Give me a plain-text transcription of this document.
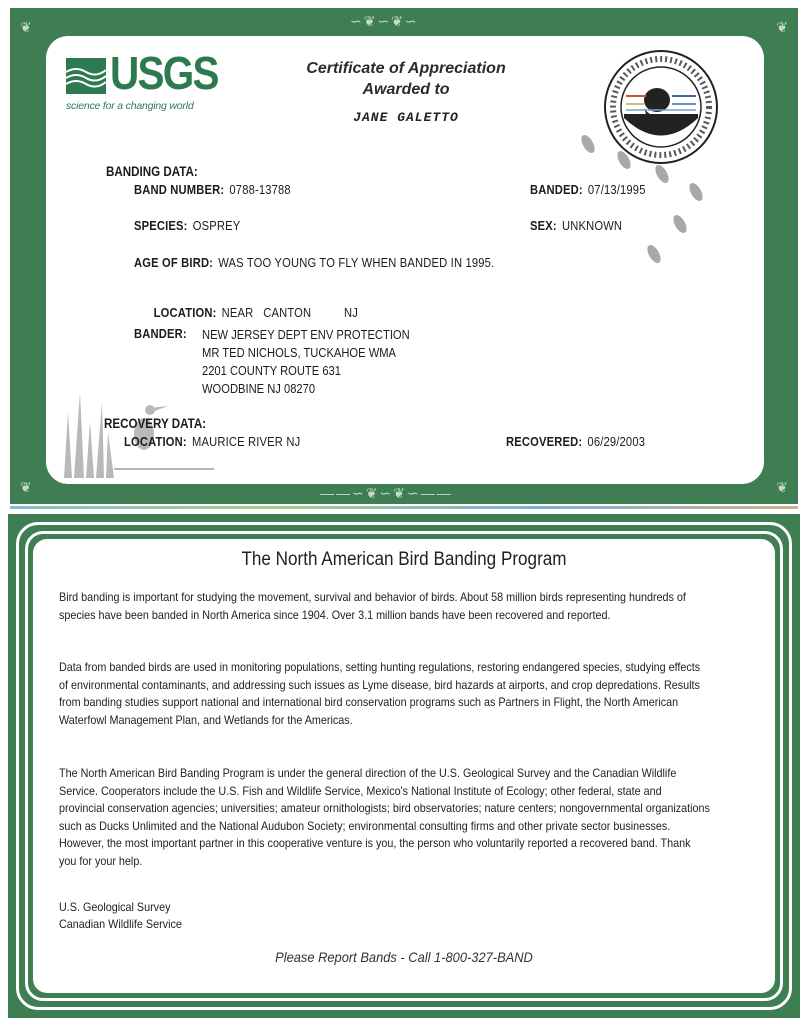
❦	❦
❦	❦
∽❦∽❦∽
——∽❦∽❦∽——
USGS
science for a changing world
Certificate of Appreciation
Awarded to
JANE GALETTO
BANDING DATA:
BAND NUMBER: 0788-13788	BANDED: 07/13/1995
SPECIES: OSPREY	SEX: UNKNOWN
AGE OF BIRD: WAS TOO YOUNG TO FLY WHEN BANDED IN 1995.

LOCATION: NEAR   CANTON          NJ

BANDER: NEW JERSEY DEPT ENV PROTECTION
MR TED NICHOLS, TUCKAHOE WMA
2201 COUNTY ROUTE 631
WOODBINE NJ 08270
RECOVERY DATA:
LOCATION: MAURICE RIVER NJ	RECOVERED: 06/29/2003
The North American Bird Banding Program
Bird banding is important for studying the movement, survival and behavior of birds. About 58 million birds representing hundreds of species have been banded in North America since 1904. Over 3.1 million bands have been recovered and reported.
Data from banded birds are used in monitoring populations, setting hunting regulations, restoring endangered species, studying effects of environmental contaminants, and addressing such issues as Lyme disease, bird hazards at airports, and crop depredations. Results from banding studies support national and international bird conservation programs such as Partners in Flight, the North American Waterfowl Management Plan, and Wetlands for the Americas.
The North American Bird Banding Program is under the general direction of the U.S. Geological Survey and the Canadian Wildlife Service. Cooperators include the U.S. Fish and Wildlife Service, Mexico's National Institute of Ecology; other federal, state and provincial conservation agencies; universities; amateur ornithologists; bird observatories; nature centers; nongovernmental organizations such as Ducks Unlimited and the National Audubon Society; environmental consulting firms and other private sector businesses. However, the most important partner in this cooperative venture is you, the person who voluntarily reported a recovered band. Thank you for your help.
U.S. Geological Survey
Canadian Wildlife Service
Please Report Bands - Call 1-800-327-BAND
